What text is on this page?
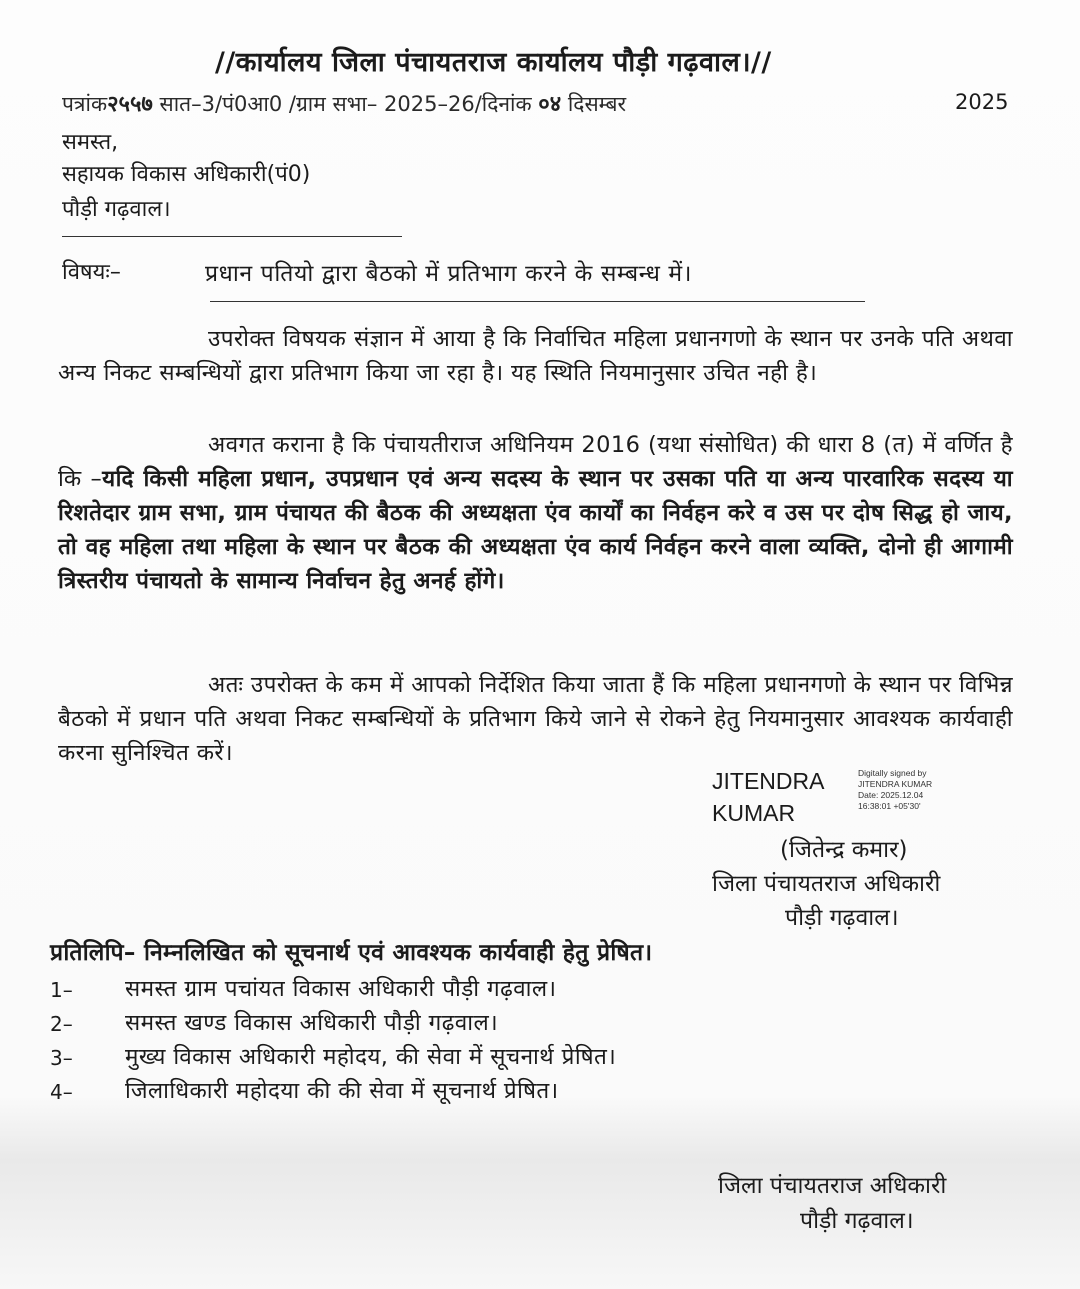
//कार्यालय जिला पंचायतराज कार्यालय पौड़ी गढ़वाल।//
पत्रांक२५५७ सात–3/पं0आ0 /ग्राम सभा– 2025–26/दिनांक ०४ दिसम्बर	2025
समस्त,
सहायक विकास अधिकारी(पं0)
पौड़ी गढ़वाल।
विषयः–	प्रधान पतियो द्वारा बैठको में प्रतिभाग करने के सम्बन्ध में।
उपरोक्त विषयक संज्ञान में आया है कि निर्वाचित महिला प्रधानगणो के स्थान पर उनके पति अथवा अन्य निकट सम्बन्धियों द्वारा प्रतिभाग किया जा रहा है। यह स्थिति नियमानुसार उचित नही है।
अवगत कराना है कि पंचायतीराज अधिनियम 2016 (यथा संसोधित) की धारा 8 (त) में वर्णित है कि –यदि किसी महिला प्रधान, उपप्रधान एवं अन्य सदस्य के स्थान पर उसका पति या अन्य पारवारिक सदस्य या रिशतेदार ग्राम सभा, ग्राम पंचायत की बैठक की अध्यक्षता एंव कार्यों का निर्वहन करे व उस पर दोष सिद्ध हो जाय, तो वह महिला तथा महिला के स्थान पर बैठक की अध्यक्षता एंव कार्य निर्वहन करने वाला व्यक्ति, दोनो ही आगामी त्रिस्तरीय पंचायतो के सामान्य निर्वाचन हेतु अनर्ह होंगे।
अतः उपरोक्त के कम में आपको निर्देशित किया जाता हैं कि महिला प्रधानगणो के स्थान पर विभिन्न बैठको में प्रधान पति अथवा निकट सम्बन्धियों के प्रतिभाग किये जाने से रोकने हेतु नियमानुसार आवश्यक कार्यवाही करना सुनिश्चित करें।
JITENDRA
KUMAR
Digitally signed by
JITENDRA KUMAR
Date: 2025.12.04
16:38:01 +05'30'
(जितेन्द्र कमार)
जिला पंचायतराज अधिकारी
पौड़ी गढ़वाल।
प्रतिलिपि– निम्नलिखित को सूचनार्थ एवं आवश्यक कार्यवाही हेतु प्रेषित।
1–	समस्त ग्राम पचांयत विकास अधिकारी पौड़ी गढ़वाल।
2–	समस्त खण्ड विकास अधिकारी पौड़ी गढ़वाल।
3–	मुख्य विकास अधिकारी महोदय, की सेवा में सूचनार्थ प्रेषित।
4–	जिलाधिकारी महोदया की की सेवा में सूचनार्थ प्रेषित।
जिला पंचायतराज अधिकारी
पौड़ी गढ़वाल।
